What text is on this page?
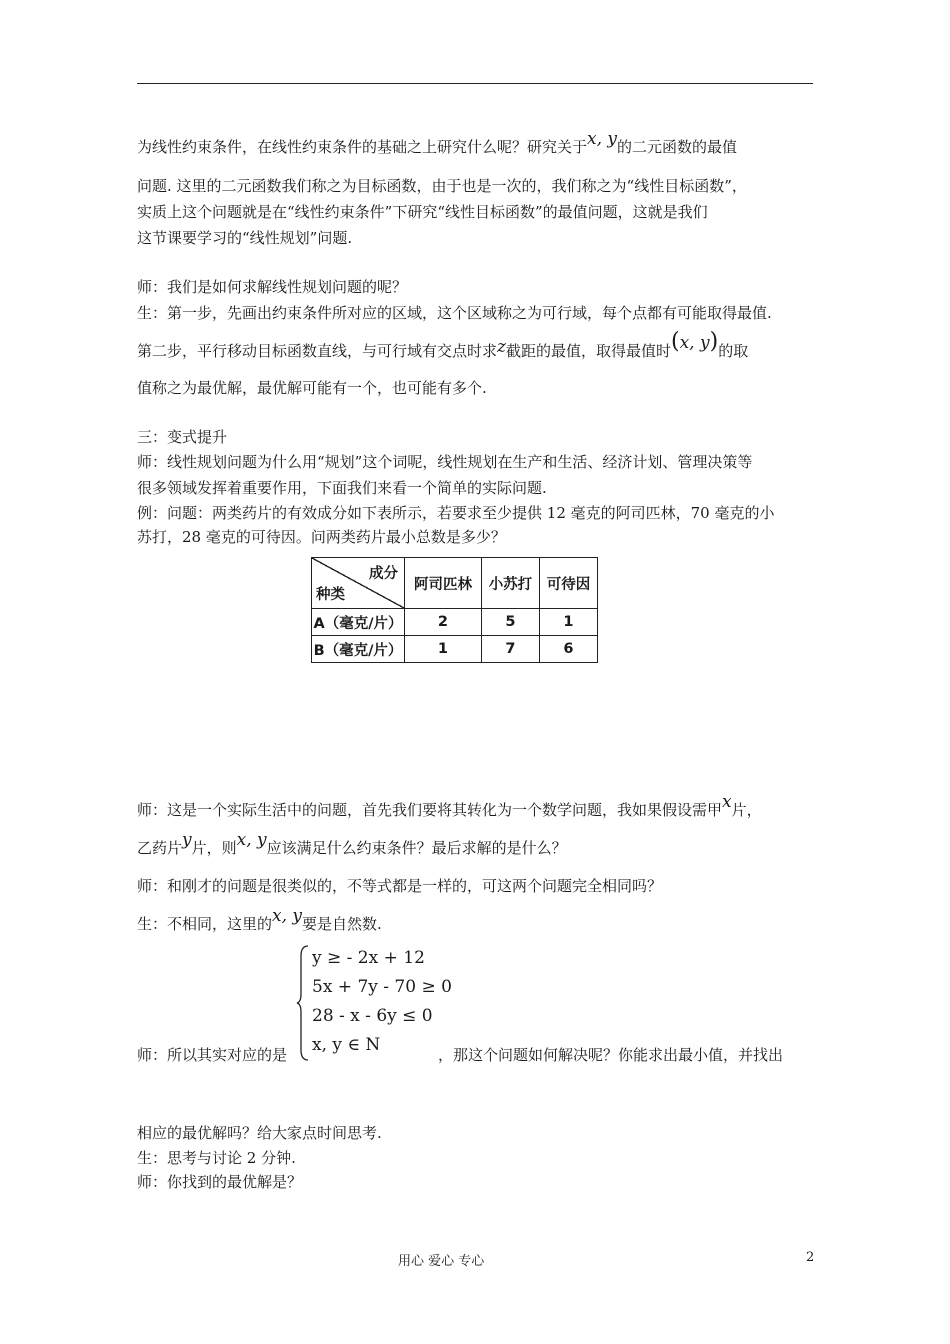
为线性约束条件，在线性约束条件的基础之上研究什么呢？研究关于x, y的二元函数的最值
问题. 这里的二元函数我们称之为目标函数，由于也是一次的，我们称之为“线性目标函数”，
实质上这个问题就是在“线性约束条件”下研究“线性目标函数”的最值问题，这就是我们
这节课要学习的“线性规划”问题.
师：我们是如何求解线性规划问题的呢？
生：第一步，先画出约束条件所对应的区域，这个区域称之为可行域，每个点都有可能取得最值.
第二步，平行移动目标函数直线，与可行域有交点时求z截距的最值，取得最值时(x, y)的取
值称之为最优解，最优解可能有一个，也可能有多个.
三：变式提升
师：线性规划问题为什么用“规划”这个词呢，线性规划在生产和生活、经济计划、管理决策等
很多领域发挥着重要作用，下面我们来看一个简单的实际问题.
例：问题：两类药片的有效成分如下表所示，若要求至少提供 12 毫克的阿司匹林，70 毫克的小
苏打，28 毫克的可待因。问两类药片最小总数是多少？
成分
种类	阿司匹林	小苏打	可待因
A（毫克/片）	2	5	1
B（毫克/片）	1	7	6
师：这是一个实际生活中的问题，首先我们要将其转化为一个数学问题，我如果假设需甲x片，
乙药片y片，则x, y应该满足什么约束条件？最后求解的是什么？
师：和刚才的问题是很类似的，不等式都是一样的，可这两个问题完全相同吗？
生：不相同，这里的x, y要是自然数.
y ≥ - 2x + 12
5x + 7y - 70 ≥ 0
28 - x - 6y ≤ 0
x, y ∈ N
师：所以其实对应的是	，那这个问题如何解决呢？你能求出最小值，并找出
相应的最优解吗？给大家点时间思考.
生：思考与讨论 2 分钟.
师：你找到的最优解是？
用心 爱心 专心	2
